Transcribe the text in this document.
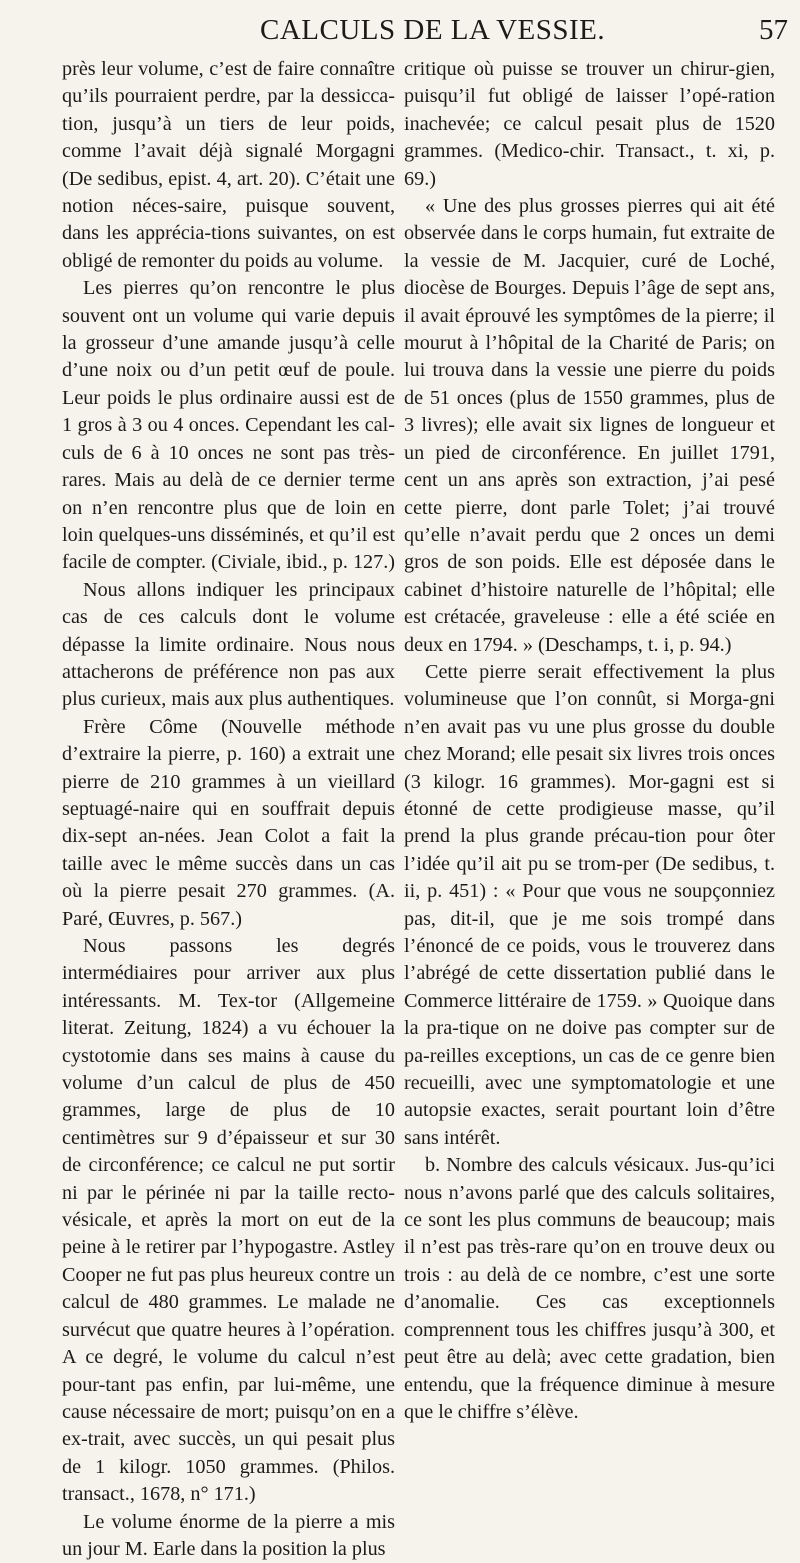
CALCULS DE LA VESSIE.	57

près leur volume, c’est de faire connaître qu’ils pourraient perdre, par la dessicca-tion, jusqu’à un tiers de leur poids, comme l’avait déjà signalé Morgagni (De sedibus, epist. 4, art. 20). C’était une notion néces-saire, puisque souvent, dans les apprécia-tions suivantes, on est obligé de remonter du poids au volume.

Les pierres qu’on rencontre le plus souvent ont un volume qui varie depuis la grosseur d’une amande jusqu’à celle d’une noix ou d’un petit œuf de poule. Leur poids le plus ordinaire aussi est de 1 gros à 3 ou 4 onces. Cependant les cal-culs de 6 à 10 onces ne sont pas très-rares. Mais au delà de ce dernier terme on n’en rencontre plus que de loin en loin quelques-uns disséminés, et qu’il est facile de compter. (Civiale, ibid., p. 127.)

Nous allons indiquer les principaux cas de ces calculs dont le volume dépasse la limite ordinaire. Nous nous attacherons de préférence non pas aux plus curieux, mais aux plus authentiques.

Frère Côme (Nouvelle méthode d’extraire la pierre, p. 160) a extrait une pierre de 210 grammes à un vieillard septuagé-naire qui en souffrait depuis dix-sept an-nées. Jean Colot a fait la taille avec le même succès dans un cas où la pierre pesait 270 grammes. (A. Paré, Œuvres, p. 567.)

Nous passons les degrés intermédiaires pour arriver aux plus intéressants. M. Tex-tor (Allgemeine literat. Zeitung, 1824) a vu échouer la cystotomie dans ses mains à cause du volume d’un calcul de plus de 450 grammes, large de plus de 10 centimètres sur 9 d’épaisseur et sur 30 de circonférence; ce calcul ne put sortir ni par le périnée ni par la taille recto-vésicale, et après la mort on eut de la peine à le retirer par l’hypogastre. Astley Cooper ne fut pas plus heureux contre un calcul de 480 grammes. Le malade ne survécut que quatre heures à l’opération. A ce degré, le volume du calcul n’est pour-tant pas enfin, par lui-même, une cause nécessaire de mort; puisqu’on en a ex-trait, avec succès, un qui pesait plus de 1 kilogr. 1050 grammes. (Philos. transact., 1678, n° 171.)

Le volume énorme de la pierre a mis un jour M. Earle dans la position la plus

critique où puisse se trouver un chirur-gien, puisqu’il fut obligé de laisser l’opé-ration inachevée; ce calcul pesait plus de 1520 grammes. (Medico-chir. Transact., t. xi, p. 69.)

« Une des plus grosses pierres qui ait été observée dans le corps humain, fut extraite de la vessie de M. Jacquier, curé de Loché, diocèse de Bourges. Depuis l’âge de sept ans, il avait éprouvé les symptômes de la pierre; il mourut à l’hôpital de la Charité de Paris; on lui trouva dans la vessie une pierre du poids de 51 onces (plus de 1550 grammes, plus de 3 livres); elle avait six lignes de longueur et un pied de circonférence. En juillet 1791, cent un ans après son extraction, j’ai pesé cette pierre, dont parle Tolet; j’ai trouvé qu’elle n’avait perdu que 2 onces un demi gros de son poids. Elle est déposée dans le cabinet d’histoire naturelle de l’hôpital; elle est crétacée, graveleuse : elle a été sciée en deux en 1794. » (Deschamps, t. i, p. 94.)

Cette pierre serait effectivement la plus volumineuse que l’on connût, si Morga-gni n’en avait pas vu une plus grosse du double chez Morand; elle pesait six livres trois onces (3 kilogr. 16 grammes). Mor-gagni est si étonné de cette prodigieuse masse, qu’il prend la plus grande précau-tion pour ôter l’idée qu’il ait pu se trom-per (De sedibus, t. ii, p. 451) : « Pour que vous ne soupçonniez pas, dit-il, que je me sois trompé dans l’énoncé de ce poids, vous le trouverez dans l’abrégé de cette dissertation publié dans le Commerce littéraire de 1759. » Quoique dans la pra-tique on ne doive pas compter sur de pa-reilles exceptions, un cas de ce genre bien recueilli, avec une symptomatologie et une autopsie exactes, serait pourtant loin d’être sans intérêt.

b. Nombre des calculs vésicaux. Jus-qu’ici nous n’avons parlé que des calculs solitaires, ce sont les plus communs de beaucoup; mais il n’est pas très-rare qu’on en trouve deux ou trois : au delà de ce nombre, c’est une sorte d’anomalie. Ces cas exceptionnels comprennent tous les chiffres jusqu’à 300, et peut être au delà; avec cette gradation, bien entendu, que la fréquence diminue à mesure que le chiffre s’élève.
